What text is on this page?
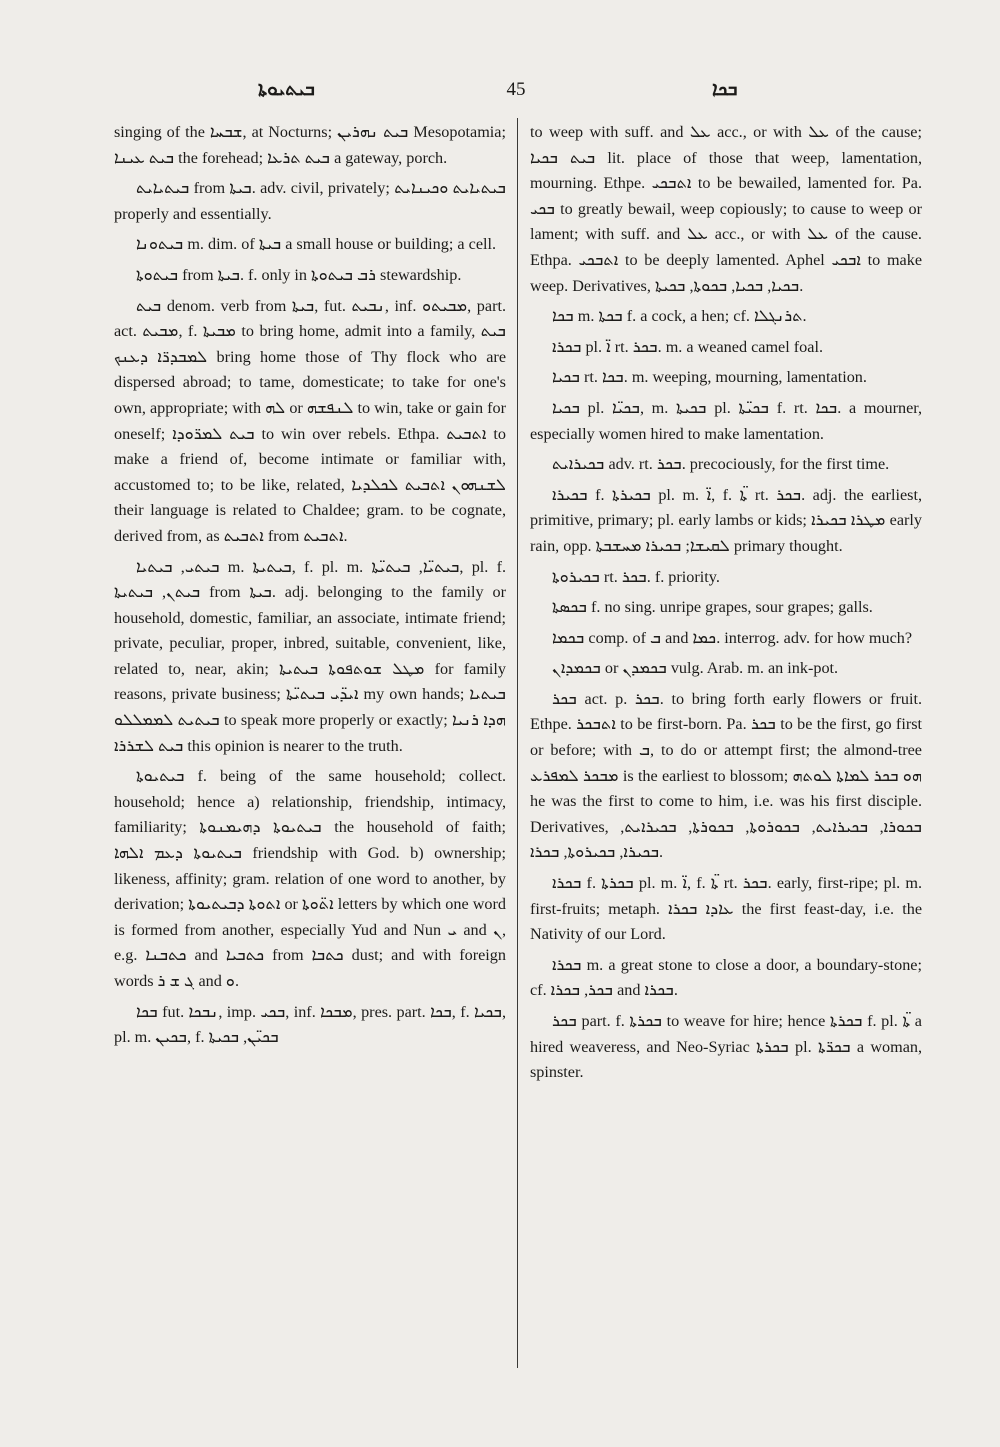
ܒܝܬܝܘܬܐ	45	ܒܟܐ

singing of the ܫܒܚܐ, at Nocturns; ܒܝܬ ܢܗܪܝܢ Mesopotamia; ܒܝܬ ܥܝܢܐ the forehead; ܒܝܬ ܬܪܥܐ a gateway, porch.

ܒܝܬܝܐܝܬ from ܒܝܬܐ. adv. civil, privately; ܒܝܬܝܐܝܬ ܘܟܝܢܐܝܬ properly and essentially.

ܒܝܬܘܢܐ m. dim. of ܒܝܬܐ a small house or building; a cell.

ܒܝܬܘܬܐ from ܒܝܬܐ. f. only in ܪܒ ܒܝܬܘܬܐ stewardship.

ܒܝܬ denom. verb from ܒܝܬܐ, fut. ܢܒܝܬ, inf. ܡܒܝܬܘ, part. act. ܡܒܝܬ, f. ܡܒܝܬܐ to bring home, admit into a family, ܒܝܬ ܠܡܒܕܪ̈ܐ ܕܥܢܟ bring home those of Thy flock who are dispersed abroad; to tame, domesticate; to take for one's own, appropriate; with ܠܗ or ܠܢܦܫܗ to win, take or gain for oneself; ܒܝܬ ܠܡܪ̈ܘܕܐ to win over rebels. Ethpa. ܐܬܒܝܬ to make a friend of, become intimate or familiar with, accustomed to; to be like, related, ܠܫܢܗܘܢ ܐܬܒܝܬ ܠܟܠܕܝܐ their language is related to Chaldee; gram. to be cognate, derived from, as ܐܬܒܝܬ from ܐܬܒܝܬ.

ܒܝܬܝ, ܒܝܬܝܐ m. ܒܝܬܝܬܐ, f. pl. m. ܒܝܬܝ̈ܐ, ܒܝܬܝ̈ܬܐ, pl. f. ܒܝܬܢ, ܒܝܬܝܬܐ from ܒܝܬܐ. adj. belonging to the family or household, domestic, familiar, an associate, intimate friend; private, peculiar, proper, inbred, suitable, convenient, like, related to, near, akin; ܡܛܠ ܫܘܬܦܘܬܐ ܒܝܬܝܬܐ for family reasons, private business; ܐܝܕ̈ܝ ܒܝܬܝ̈ܬܐ my own hands; ܒܝܬܝܐ ܒܝܬܝܬ ܠܡܡܠܠܘ to speak more properly or exactly; ܗܕܐ ܪܢܝܐ ܒܝܬ ܠܫܪܪܐ this opinion is nearer to the truth.

ܒܝܬܝܘܬܐ f. being of the same household; collect. household; hence a) relationship, friendship, intimacy, familiarity; ܒܝܬܝܘܬܐ ܕܗܝܡܢܘܬܐ the household of faith; ܒܝܬܝܘܬܐ ܕܥܡ ܐܠܗܐ friendship with God. b) ownership; likeness, affinity; gram. relation of one word to another, by derivation; ܐܬܘܬܐ ܕܒܝܬܝܘܬܐ or ܐܬ̈ܘܬܐ letters by which one word is formed from another, especially Yud and Nun ܝ and ܢ, e.g. ܟܬܒܢܐ and ܟܬܒܝܐ from ܟܬܒܐ dust; and with foreign words ܓ ܫ ܪ and ܘ.

ܒܟܐ fut. ܢܒܟܐ, imp. ܒܟܝ, inf. ܡܒܟܐ, pres. part. ܒܟܐ, f. ܒܟܝܐ, pl. m. ܒܟܝܢ, f. ܒܟܝ̈ܢ, ܒܟܝܬܐ

to weep with suff. and ܥܠ acc., or with ܥܠ of the cause; ܒܝܬ ܒܟܝܐ lit. place of those that weep, lamentation, mourning. Ethpe. ܐܬܒܟܝ to be bewailed, lamented for. Pa. ܒܟܝ to greatly bewail, weep copiously; to cause to weep or lament; with suff. and ܥܠ acc., or with ܥܠ of the cause. Ethpa. ܐܬܒܟܝ to be deeply lamented. Aphel ܐܒܟܝ to make weep. Derivatives, ܒܟܝܐ, ܒܟܝܐ, ܒܟܘܬܐ, ܒܟܝܬܐ.

ܒܟܐ m. ܒܟܬܐ f. a cock, a hen; cf. ܬܪܢܓܠܐ.

ܒܟܪܐ pl. ܐ̈ rt. ܒܟܪ. m. a weaned camel foal.

ܒܟܝܐ rt. ܒܟܐ. m. weeping, mourning, lamentation.

ܒܟܝܐ pl. ܒܟܝ̈ܐ, m. ܒܟܝܬܐ pl. ܒܟܝ̈ܬܐ f. rt. ܒܟܐ. a mourner, especially women hired to make lamentation.

ܒܟܝܪܐܝܬ adv. rt. ܒܟܪ. precociously, for the first time.

ܒܟܝܪܐ f. ܒܟܝܪܬܐ pl. m. ܐ̈, f. ܬܐ̈ rt. ܒܟܪ. adj. the earliest, primitive, primary; pl. early lambs or kids; ܡܛܪܐ ܒܟܝܪܐ early rain, opp. ܠܩܝܫܐ; ܒܟܝܪܐ ܡܚܫܒܬܐ primary thought.

ܒܟܝܪܘܬܐ rt. ܒܟܪ. f. priority.

ܒܟܣܬܐ f. no sing. unripe grapes, sour grapes; galls.

ܒܟܡܐ comp. of ܒ and ܟܡܐ. interrog. adv. for how much?

ܒܟܡܕܐܢ or ܒܟܡܕܢ vulg. Arab. m. an ink-pot.

ܒܟܪ act. p. ܒܟܪ. to bring forth early flowers or fruit. Ethpe. ܐܬܒܟܪ to be first-born. Pa. ܒܟܪ to be the first, go first or before; with ܒ, to do or attempt first; the almond-tree ܡܒܟܪ ܠܡܦܪܥ is the earliest to blossom; ܗܘ ܒܟܪ ܠܡܐܬܐ ܠܘܬܗ he was the first to come to him, i.e. was his first disciple. Derivatives, ܒܟܘܪܐ, ܒܟܝܪܐܝܬ, ܒܟܘܪܘܬܐ, ܒܟܘܪܬܐ, ܒܟܝܪܐܝܬ, ܒܟܝܪܐ, ܒܟܝܪܘܬܐ, ܒܟܪܐ.

ܒܟܪܐ f. ܒܟܪܬܐ pl. m. ܐ̈, f. ܬܐ̈ rt. ܒܟܪ. early, first-ripe; pl. m. first-fruits; metaph. ܥܐܕܐ ܒܟܪܐ the first feast-day, i.e. the Nativity of our Lord.

ܒܟܪܐ m. a great stone to close a door, a boundary-stone; cf. ܒܟܪ, ܒܟܪܐ and ܒܟܪܐ.

ܒܟܪ part. f. ܒܟܪܬܐ to weave for hire; hence ܒܟܪܬܐ f. pl. ܬܐ̈ a hired weaveress, and Neo-Syriac ܒܟܪܬܐ pl. ܒܟܪ̈ܬܐ a woman, spinster.
